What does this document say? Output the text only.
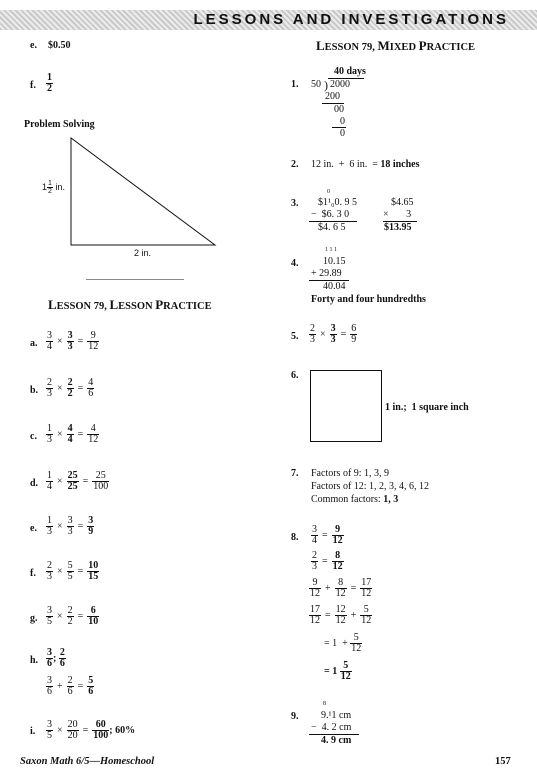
LESSONS AND INVESTIGATIONS
e. $0.50
f. $\frac{1}{2}$
Problem Solving
$1 \frac{1}{2}$ in.
2 in.
LESSON 79, LESSON PRACTICE
a. $\frac{3}{4} \times \frac{3}{3} = \frac{9}{12}$
b. $\frac{2}{3} \times \frac{2}{2} = \frac{4}{6}$
c. $\frac{1}{3} \times \frac{4}{4} = \frac{4}{12}$
d. $\frac{1}{4} \times \frac{25}{25} = \frac{25}{100}$
e. $\frac{1}{3} \times \frac{3}{3} = \frac{3}{9}$
f. $\frac{2}{3} \times \frac{5}{5} = \frac{10}{15}$
g. $\frac{3}{5} \times \frac{2}{2} = \frac{6}{10}$
h. $\frac{3}{6}$ ; $\frac{2}{6}$
$\frac{3}{6} + \frac{2}{6} = \frac{5}{6}$
i. $\frac{3}{5} \times \frac{20}{20} = \frac{60}{100}$ ; 60%
LESSON 79, MIXED PRACTICE
1.
40 days
50 ) 2000
200
00
0
0
2. 12 in.  +  6 in.  = 18 inches
3.
0
$1¹₀0. 9 5
−  $6. 3 0
$4. 6 5
$4.65
×       3
$13.95
4.
1 1 1
10.15
+ 29.89
40.04
Forty and four hundredths
5. $\frac{2}{3} \times \frac{3}{3} = \frac{6}{9}$
6.
1 in.;  1 square inch
7. Factors of 9: 1, 3, 9
Factors of 12: 1, 2, 3, 4, 6, 12
Common factors: 1, 3
8. $\frac{3}{4} = \frac{9}{12}$
$\frac{2}{3} = \frac{8}{12}$
$\frac{9}{12} + \frac{8}{12} = \frac{17}{12}$
$\frac{17}{12} = \frac{12}{12} + \frac{5}{12}$
= $1 + \frac{5}{12}$
= $1 \frac{5}{12}$
9.
8
9.¹1 cm
−  4. 2 cm
4. 9 cm
Saxon Math 6/5—Homeschool	157
